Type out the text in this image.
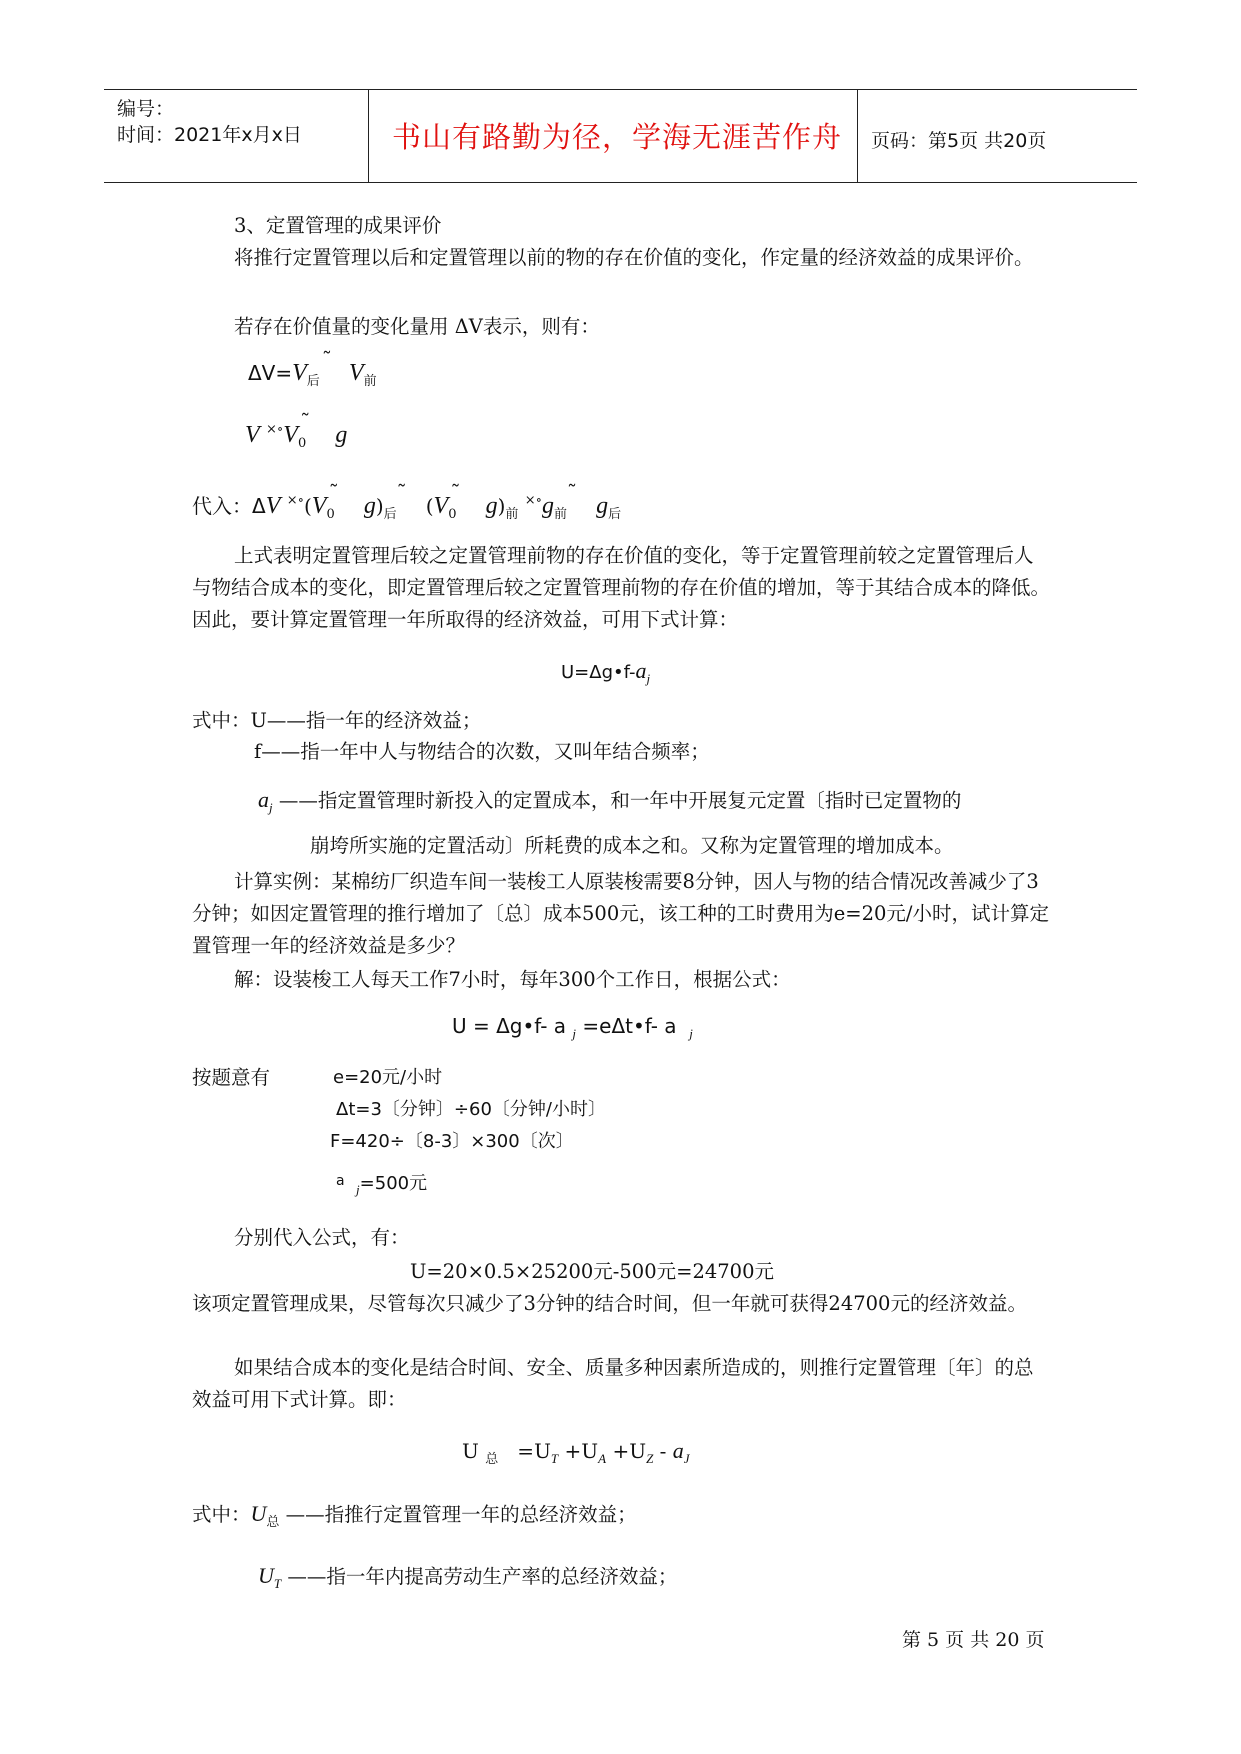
编号：
时间：2021年x月x日	书山有路勤为径，学海无涯苦作舟 页码：第5页 共20页
3、定置管理的成果评价
将推行定置管理以后和定置管理以前的物的存在价值的变化，作定量的经济效益的成果评价。
若存在价值量的变化量用 ΔV表示，则有：
$\Delta V=V_后˜$   $V_前$
V $^{\times\circ}V_0˜$   g
代入：ΔV $^{\times\circ}(V_0˜$   $g)_后˜$   ($V_0˜$   $g)_前$ $^{\times\circ}g_前˜$   $g_后$
上式表明定置管理后较之定置管理前物的存在价值的变化，等于定置管理前较之定置管理后人与物结合成本的变化，即定置管理后较之定置管理前物的存在价值的增加，等于其结合成本的降低。因此，要计算定置管理一年所取得的经济效益，可用下式计算：
$U=\Delta g•f-a_j$
式中：U——指一年的经济效益；
f——指一年中人与物结合的次数，又叫年结合频率；
$a_j$ ——指定置管理时新投入的定置成本，和一年中开展复元定置〔指时已定置物的
崩垮所实施的定置活动〕所耗费的成本之和。又称为定置管理的增加成本。
计算实例：某棉纺厂织造车间一装梭工人原装梭需要8分钟，因人与物的结合情况改善减少了3分钟；如因定置管理的推行增加了〔总〕成本500元，该工种的工时费用为e=20元/小时，试计算定置管理一年的经济效益是多少？
解：设装梭工人每天工作7小时，每年300个工作日，根据公式：
U = Δg•f- a $_j$ =eΔt•f- a  $_j$
按题意有	e=20元/小时
Δt=3〔分钟〕÷60〔分钟/小时〕
F=420÷〔8-3〕×300〔次〕
$^a$  $_j$=500元
分别代入公式，有：
U=20×0.5×25200元-500元=24700元
该项定置管理成果，尽管每次只减少了3分钟的结合时间，但一年就可获得24700元的经济效益。
如果结合成本的变化是结合时间、安全、质量多种因素所造成的，则推行定置管理〔年〕的总效益可用下式计算。即：
U $_总 =U_T +U_A +U_Z - a_J$
式中：$U_总$ ——指推行定置管理一年的总经济效益；
$U_T$ ——指一年内提高劳动生产率的总经济效益；
第 5 页 共 20 页
